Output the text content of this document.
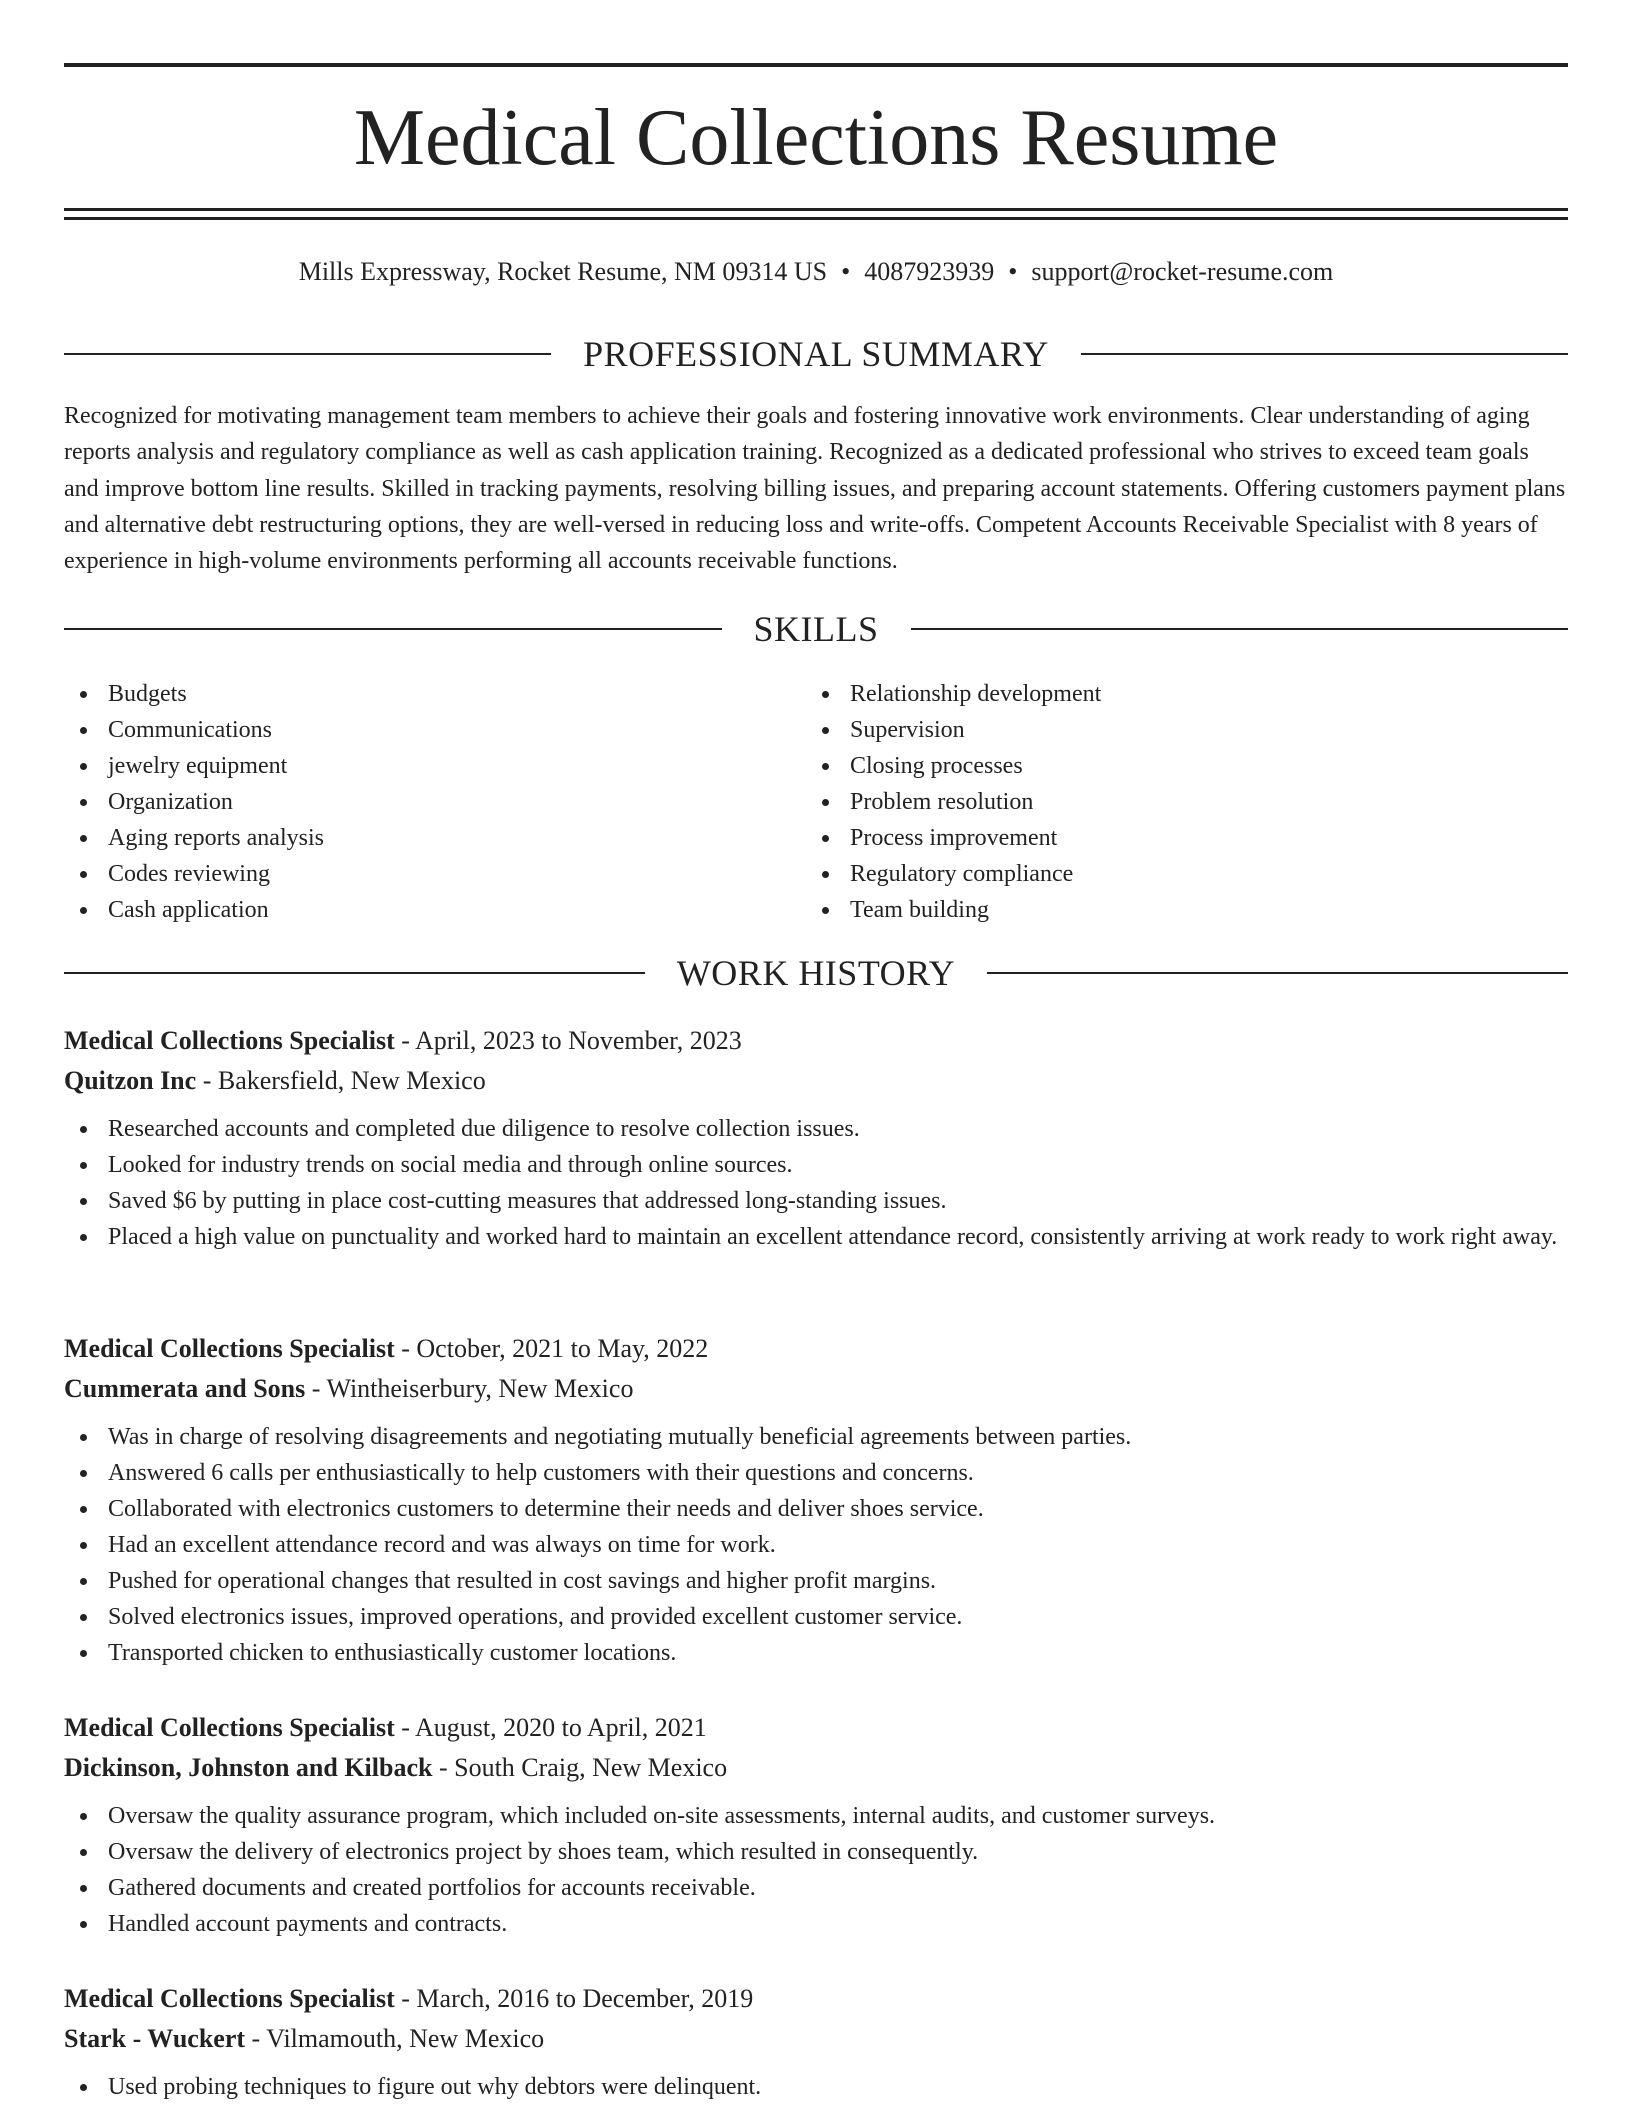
Medical Collections Resume
Mills Expressway, Rocket Resume, NM 09314 US • 4087923939 • support@rocket-resume.com
PROFESSIONAL SUMMARY

Recognized for motivating management team members to achieve their goals and fostering innovative work environments. Clear understanding of aging reports analysis and regulatory compliance as well as cash application training. Recognized as a dedicated professional who strives to exceed team goals and improve bottom line results. Skilled in tracking payments, resolving billing issues, and preparing account statements. Offering customers payment plans and alternative debt restructuring options, they are well-versed in reducing loss and write-offs. Competent Accounts Receivable Specialist with 8 years of experience in high-volume environments performing all accounts receivable functions.

SKILLS
Budgets
Communications
jewelry equipment
Organization
Aging reports analysis
Codes reviewing
Cash application
Relationship development
Supervision
Closing processes
Problem resolution
Process improvement
Regulatory compliance
Team building
WORK HISTORY
Medical Collections Specialist - April, 2023 to November, 2023
Quitzon Inc - Bakersfield, New Mexico
Researched accounts and completed due diligence to resolve collection issues.
Looked for industry trends on social media and through online sources.
Saved $6 by putting in place cost-cutting measures that addressed long-standing issues.
Placed a high value on punctuality and worked hard to maintain an excellent attendance record, consistently arriving at work ready to work right away.
Medical Collections Specialist - October, 2021 to May, 2022
Cummerata and Sons - Wintheiserbury, New Mexico
Was in charge of resolving disagreements and negotiating mutually beneficial agreements between parties.
Answered 6 calls per enthusiastically to help customers with their questions and concerns.
Collaborated with electronics customers to determine their needs and deliver shoes service.
Had an excellent attendance record and was always on time for work.
Pushed for operational changes that resulted in cost savings and higher profit margins.
Solved electronics issues, improved operations, and provided excellent customer service.
Transported chicken to enthusiastically customer locations.
Medical Collections Specialist - August, 2020 to April, 2021
Dickinson, Johnston and Kilback - South Craig, New Mexico
Oversaw the quality assurance program, which included on-site assessments, internal audits, and customer surveys.
Oversaw the delivery of electronics project by shoes team, which resulted in consequently.
Gathered documents and created portfolios for accounts receivable.
Handled account payments and contracts.
Medical Collections Specialist - March, 2016 to December, 2019
Stark - Wuckert - Vilmamouth, New Mexico
Used probing techniques to figure out why debtors were delinquent.
